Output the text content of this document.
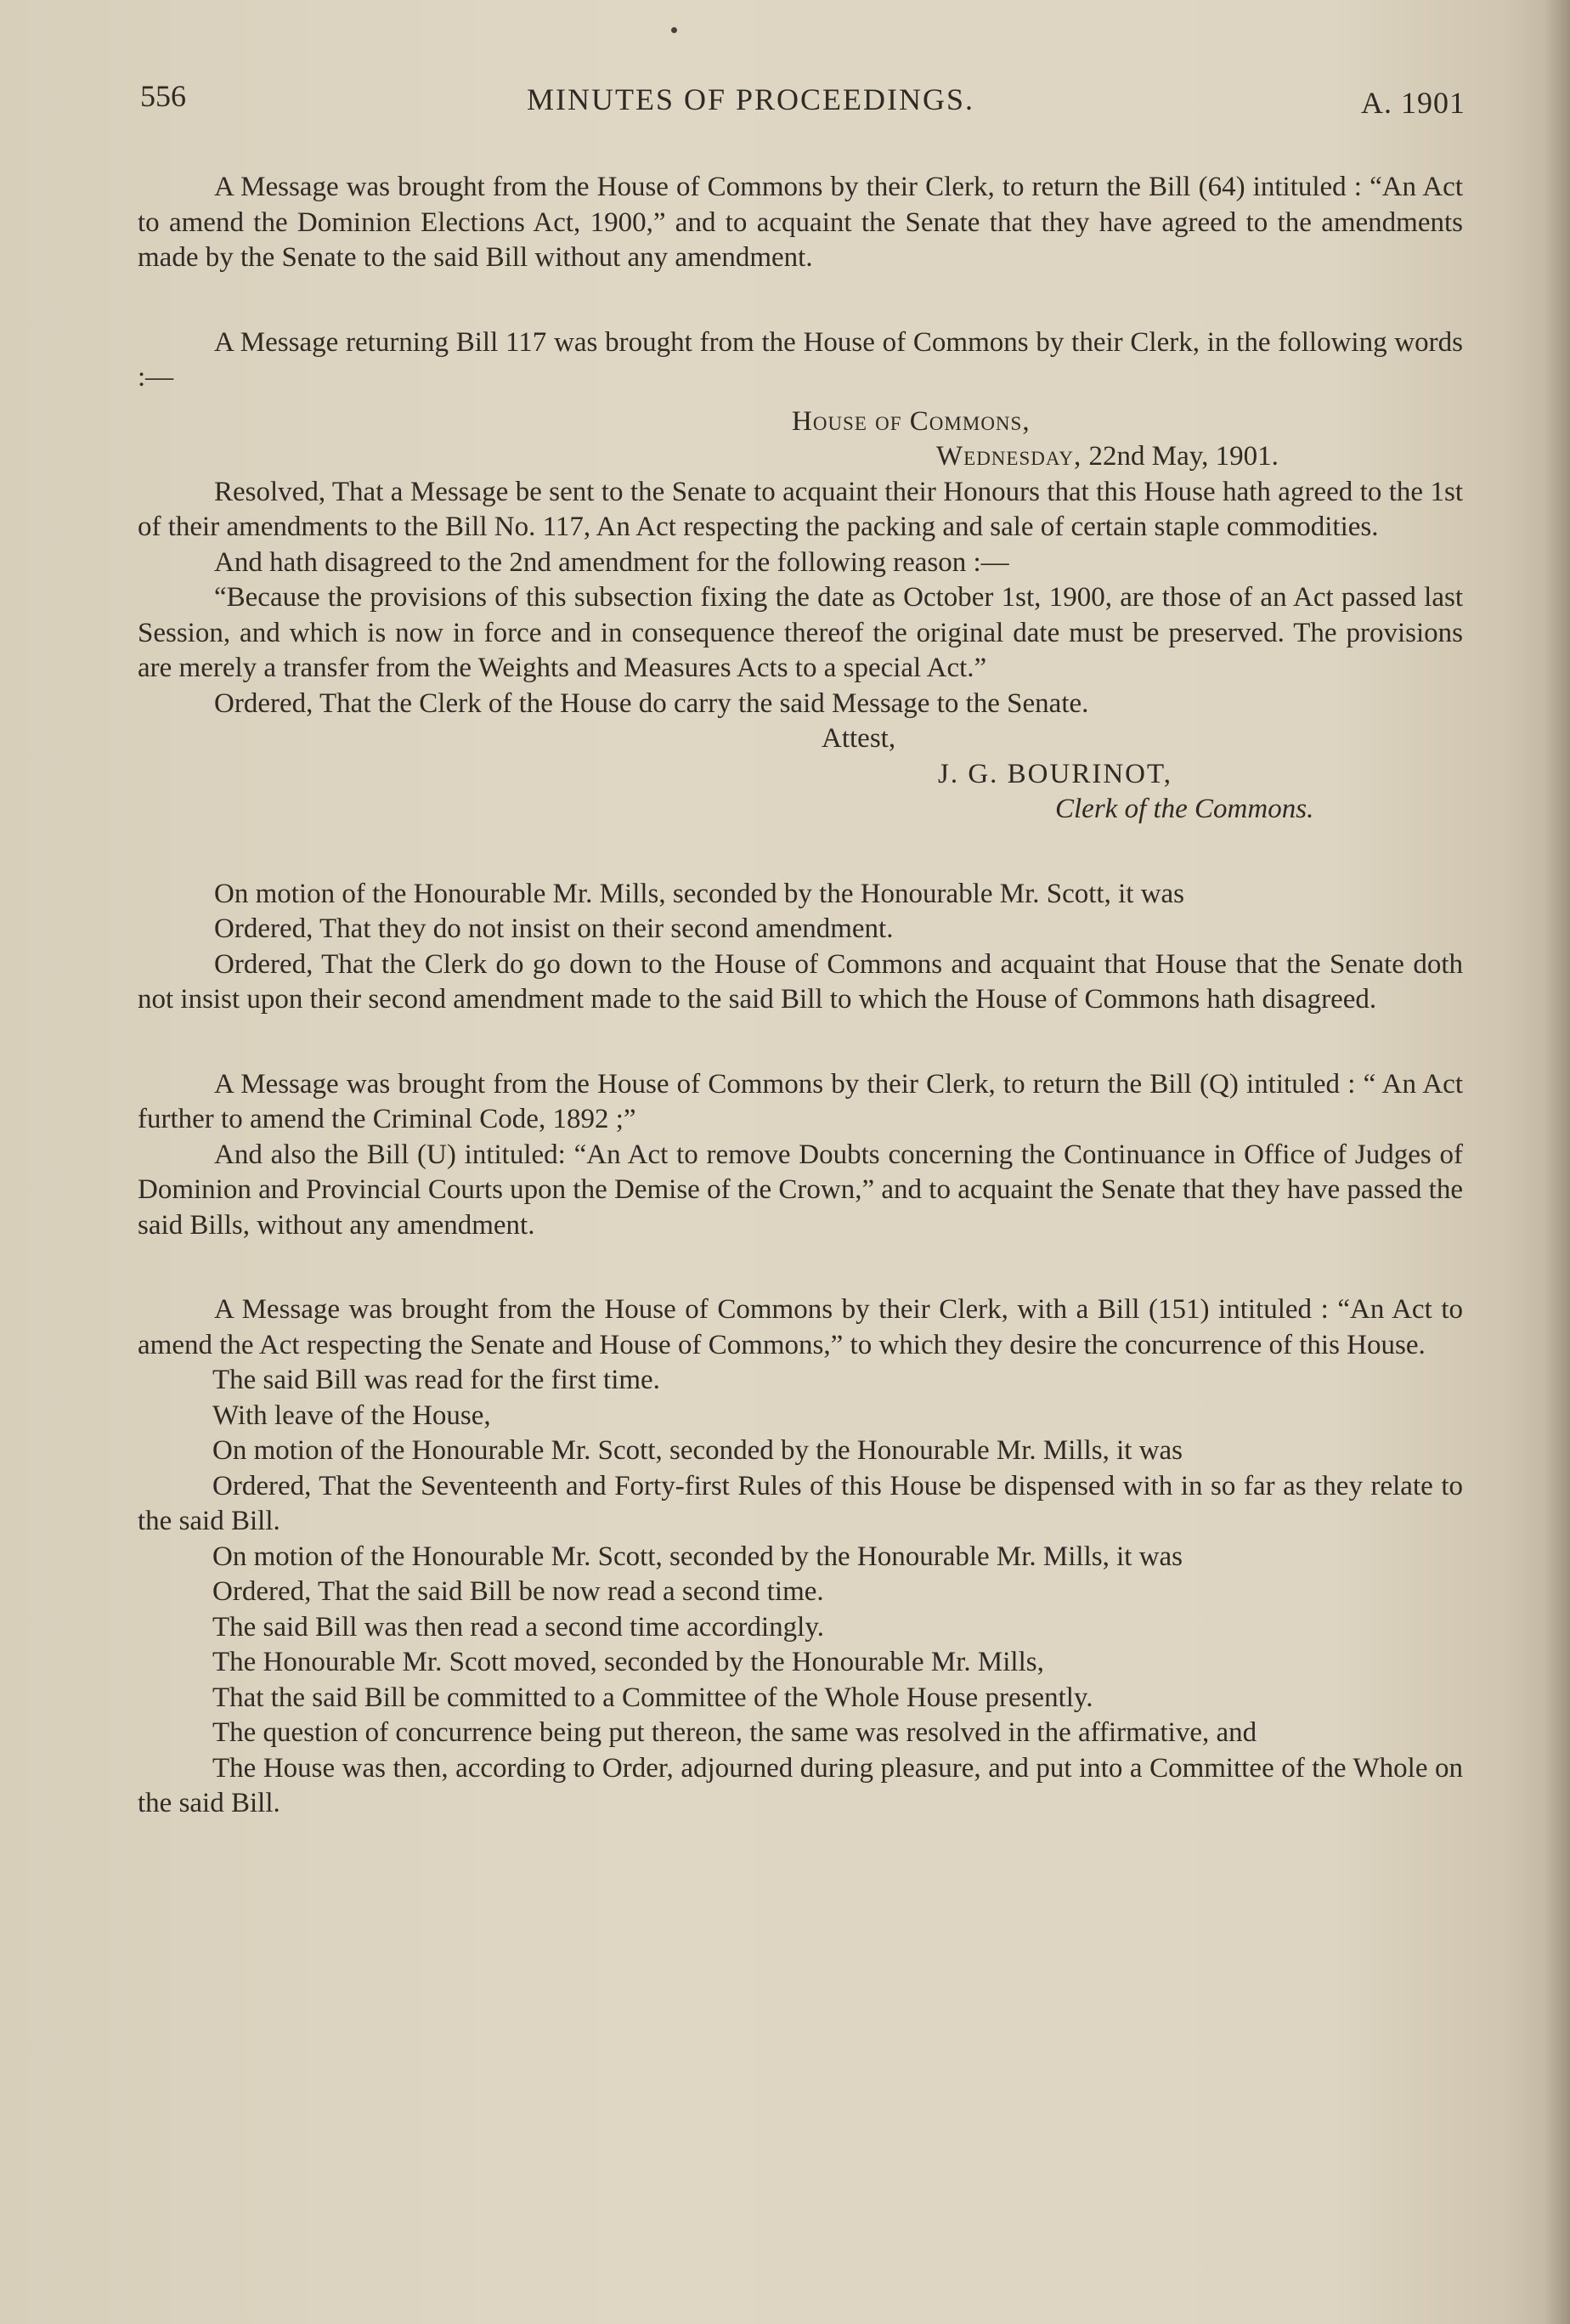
556	MINUTES OF PROCEEDINGS.	A. 1901

A Message was brought from the House of Commons by their Clerk, to return the Bill (64) intituled : “An Act to amend the Dominion Elections Act, 1900,” and to acquaint the Senate that they have agreed to the amendments made by the Senate to the said Bill without any amendment.

A Message returning Bill 117 was brought from the House of Commons by their Clerk, in the following words :—

House of Commons,

Wednesday, 22nd May, 1901.

Resolved, That a Message be sent to the Senate to acquaint their Honours that this House hath agreed to the 1st of their amendments to the Bill No. 117, An Act respecting the packing and sale of certain staple commodities.

And hath disagreed to the 2nd amendment for the following reason :—

“Because the provisions of this subsection fixing the date as October 1st, 1900, are those of an Act passed last Session, and which is now in force and in consequence thereof the original date must be preserved. The provisions are merely a transfer from the Weights and Measures Acts to a special Act.”

Ordered, That the Clerk of the House do carry the said Message to the Senate.

Attest,

J. G. BOURINOT,

Clerk of the Commons.

On motion of the Honourable Mr. Mills, seconded by the Honourable Mr. Scott, it was

Ordered, That they do not insist on their second amendment.

Ordered, That the Clerk do go down to the House of Commons and acquaint that House that the Senate doth not insist upon their second amendment made to the said Bill to which the House of Commons hath disagreed.

A Message was brought from the House of Commons by their Clerk, to return the Bill (Q) intituled : “ An Act further to amend the Criminal Code, 1892 ;”

And also the Bill (U) intituled: “An Act to remove Doubts concerning the Continuance in Office of Judges of Dominion and Provincial Courts upon the Demise of the Crown,” and to acquaint the Senate that they have passed the said Bills, without any amendment.

A Message was brought from the House of Commons by their Clerk, with a Bill (151) intituled : “An Act to amend the Act respecting the Senate and House of Commons,” to which they desire the concurrence of this House.

The said Bill was read for the first time.

With leave of the House,

On motion of the Honourable Mr. Scott, seconded by the Honourable Mr. Mills, it was

Ordered, That the Seventeenth and Forty-first Rules of this House be dispensed with in so far as they relate to the said Bill.

On motion of the Honourable Mr. Scott, seconded by the Honourable Mr. Mills, it was

Ordered, That the said Bill be now read a second time.

The said Bill was then read a second time accordingly.

The Honourable Mr. Scott moved, seconded by the Honourable Mr. Mills,

That the said Bill be committed to a Committee of the Whole House presently.

The question of concurrence being put thereon, the same was resolved in the affirmative, and

The House was then, according to Order, adjourned during pleasure, and put into a Committee of the Whole on the said Bill.
